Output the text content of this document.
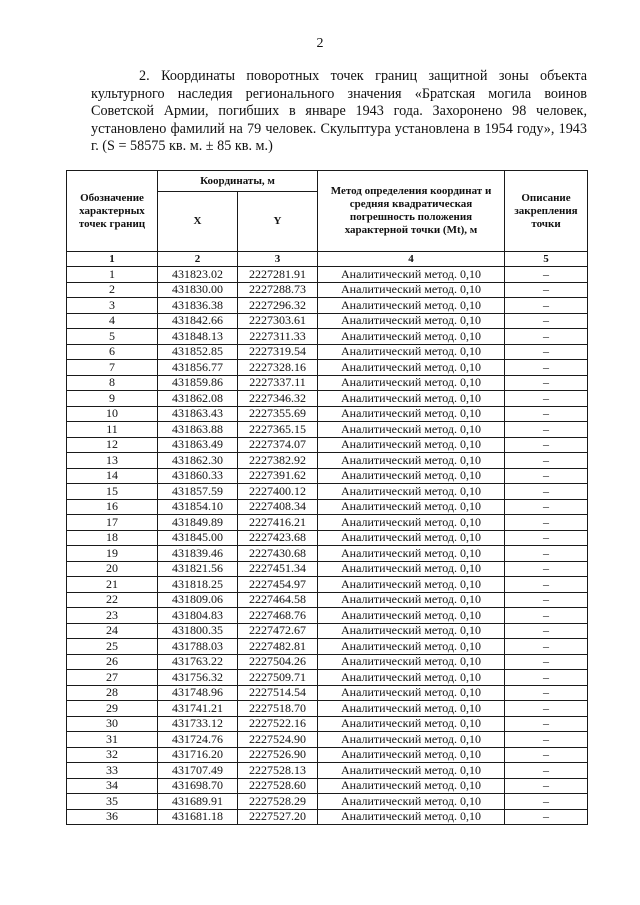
2
2. Координаты поворотных точек границ защитной зоны объекта культурного наследия регионального значения «Братская могила воинов Советской Армии, погибших в январе 1943 года. Захоронено 98 человек, установлено фамилий на 79 человек. Скульптура установлена в 1954 году», 1943 г. (S = 58575 кв. м. ± 85 кв. м.)
Обозначение характерных точек границ	Координаты, м		Метод определения координат и средняя квадратическая погрешность положения характерной точки (Mt), м	Описание закрепления точки
	X	Y		
1	2	3	4	5
1	431823.02	2227281.91	Аналитический метод. 0,10	–
2	431830.00	2227288.73	Аналитический метод. 0,10	–
3	431836.38	2227296.32	Аналитический метод. 0,10	–
4	431842.66	2227303.61	Аналитический метод. 0,10	–
5	431848.13	2227311.33	Аналитический метод. 0,10	–
6	431852.85	2227319.54	Аналитический метод. 0,10	–
7	431856.77	2227328.16	Аналитический метод. 0,10	–
8	431859.86	2227337.11	Аналитический метод. 0,10	–
9	431862.08	2227346.32	Аналитический метод. 0,10	–
10	431863.43	2227355.69	Аналитический метод. 0,10	–
11	431863.88	2227365.15	Аналитический метод. 0,10	–
12	431863.49	2227374.07	Аналитический метод. 0,10	–
13	431862.30	2227382.92	Аналитический метод. 0,10	–
14	431860.33	2227391.62	Аналитический метод. 0,10	–
15	431857.59	2227400.12	Аналитический метод. 0,10	–
16	431854.10	2227408.34	Аналитический метод. 0,10	–
17	431849.89	2227416.21	Аналитический метод. 0,10	–
18	431845.00	2227423.68	Аналитический метод. 0,10	–
19	431839.46	2227430.68	Аналитический метод. 0,10	–
20	431821.56	2227451.34	Аналитический метод. 0,10	–
21	431818.25	2227454.97	Аналитический метод. 0,10	–
22	431809.06	2227464.58	Аналитический метод. 0,10	–
23	431804.83	2227468.76	Аналитический метод. 0,10	–
24	431800.35	2227472.67	Аналитический метод. 0,10	–
25	431788.03	2227482.81	Аналитический метод. 0,10	–
26	431763.22	2227504.26	Аналитический метод. 0,10	–
27	431756.32	2227509.71	Аналитический метод. 0,10	–
28	431748.96	2227514.54	Аналитический метод. 0,10	–
29	431741.21	2227518.70	Аналитический метод. 0,10	–
30	431733.12	2227522.16	Аналитический метод. 0,10	–
31	431724.76	2227524.90	Аналитический метод. 0,10	–
32	431716.20	2227526.90	Аналитический метод. 0,10	–
33	431707.49	2227528.13	Аналитический метод. 0,10	–
34	431698.70	2227528.60	Аналитический метод. 0,10	–
35	431689.91	2227528.29	Аналитический метод. 0,10	–
36	431681.18	2227527.20	Аналитический метод. 0,10	–
